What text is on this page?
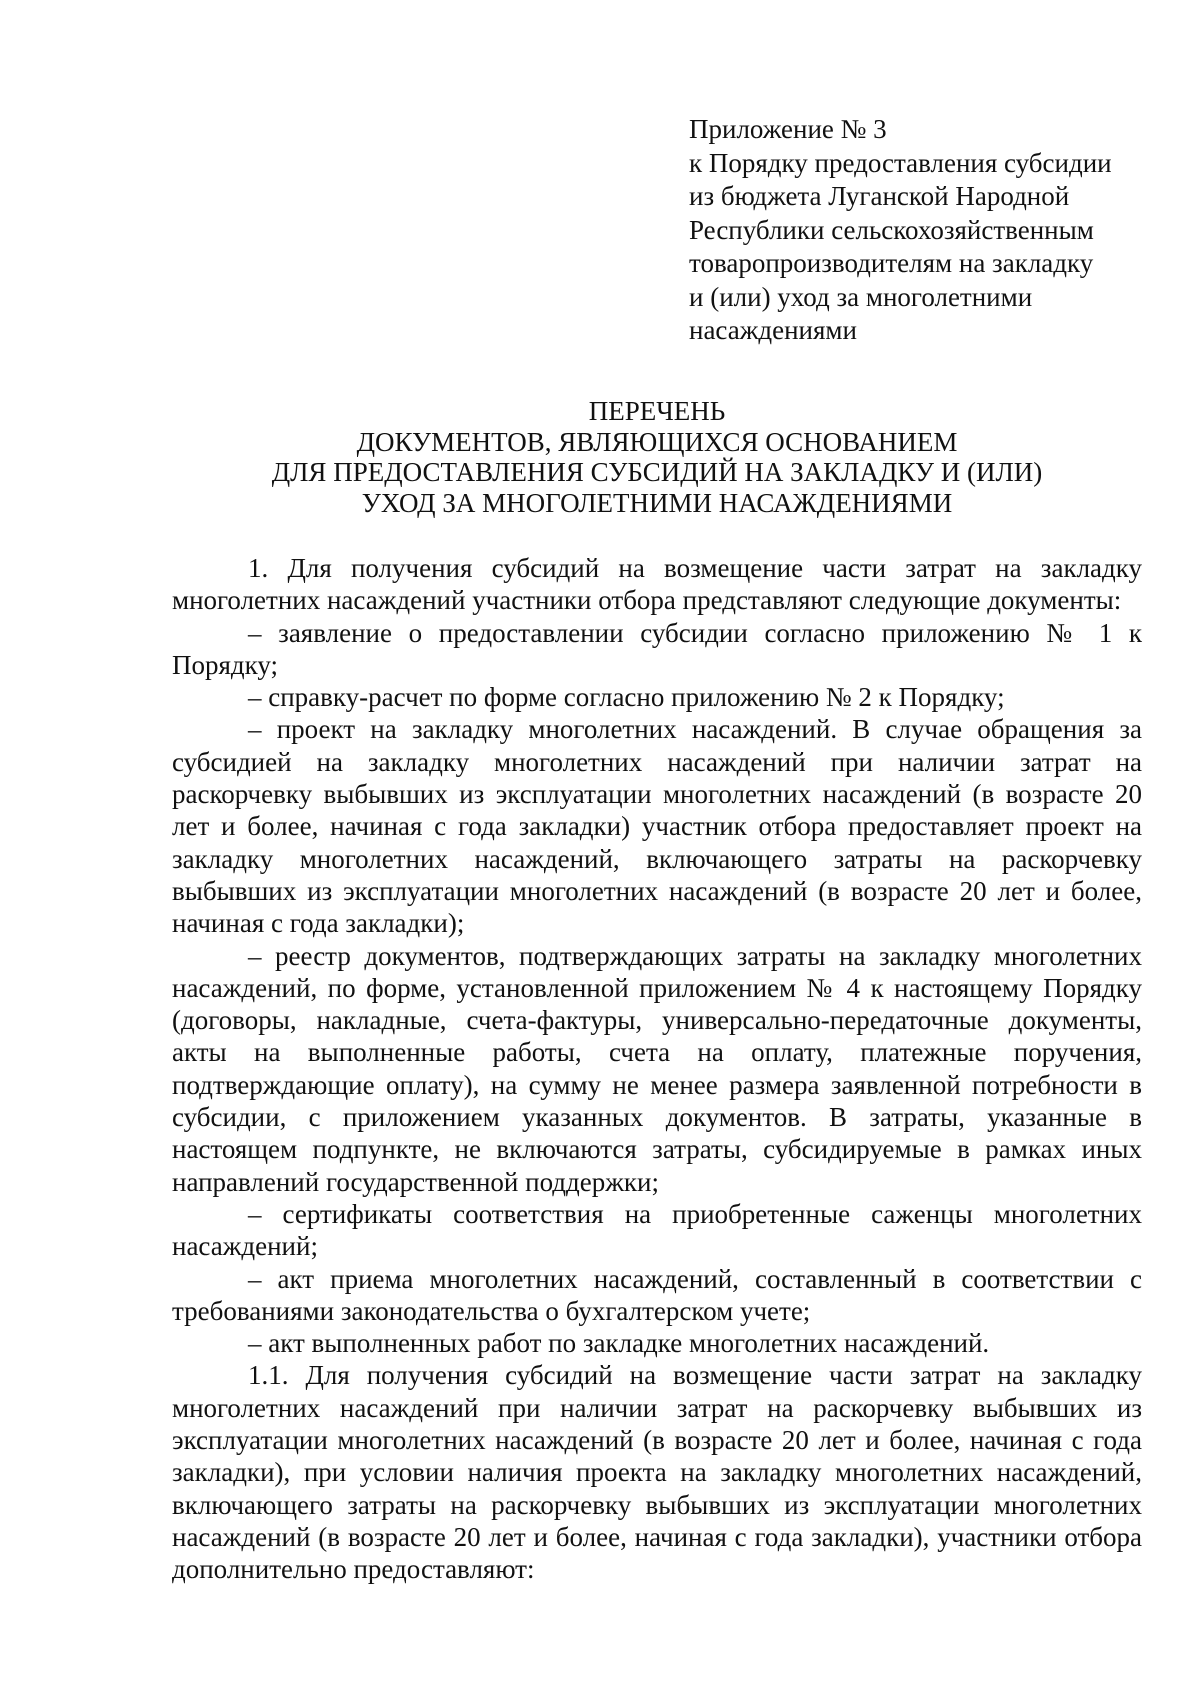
Приложение № 3
к Порядку предоставления субсидии
из бюджета Луганской Народной
Республики сельскохозяйственным
товаропроизводителям на закладку
и (или) уход за многолетними
насаждениями
ПЕРЕЧЕНЬ
ДОКУМЕНТОВ, ЯВЛЯЮЩИХСЯ ОСНОВАНИЕМ
ДЛЯ ПРЕДОСТАВЛЕНИЯ СУБСИДИЙ НА ЗАКЛАДКУ И (ИЛИ)
УХОД ЗА МНОГОЛЕТНИМИ НАСАЖДЕНИЯМИ

1. Для получения субсидий на возмещение части затрат на закладку многолетних насаждений участники отбора представляют следующие документы:

– заявление о предоставлении субсидии согласно приложению № 1 к Порядку;

– справку-расчет по форме согласно приложению № 2 к Порядку;

– проект на закладку многолетних насаждений. В случае обращения за субсидией на закладку многолетних насаждений при наличии затрат на раскорчевку выбывших из эксплуатации многолетних насаждений (в возрасте 20 лет и более, начиная с года закладки) участник отбора предоставляет проект на закладку многолетних насаждений, включающего затраты на раскорчевку выбывших из эксплуатации многолетних насаждений (в возрасте 20 лет и более, начиная с года закладки);

– реестр документов, подтверждающих затраты на закладку многолетних насаждений, по форме, установленной приложением № 4 к настоящему Порядку (договоры, накладные, счета-фактуры, универсально-передаточные документы, акты на выполненные работы, счета на оплату, платежные поручения, подтверждающие оплату), на сумму не менее размера заявленной потребности в субсидии, с приложением указанных документов. В затраты, указанные в настоящем подпункте, не включаются затраты, субсидируемые в рамках иных направлений государственной поддержки;

– сертификаты соответствия на приобретенные саженцы многолетних насаждений;

– акт приема многолетних насаждений, составленный в соответствии с требованиями законодательства о бухгалтерском учете;

– акт выполненных работ по закладке многолетних насаждений.

1.1. Для получения субсидий на возмещение части затрат на закладку многолетних насаждений при наличии затрат на раскорчевку выбывших из эксплуатации многолетних насаждений (в возрасте 20 лет и более, начиная с года закладки), при условии наличия проекта на закладку многолетних насаждений, включающего затраты на раскорчевку выбывших из эксплуатации многолетних насаждений (в возрасте 20 лет и более, начиная с года закладки), участники отбора дополнительно предоставляют:
